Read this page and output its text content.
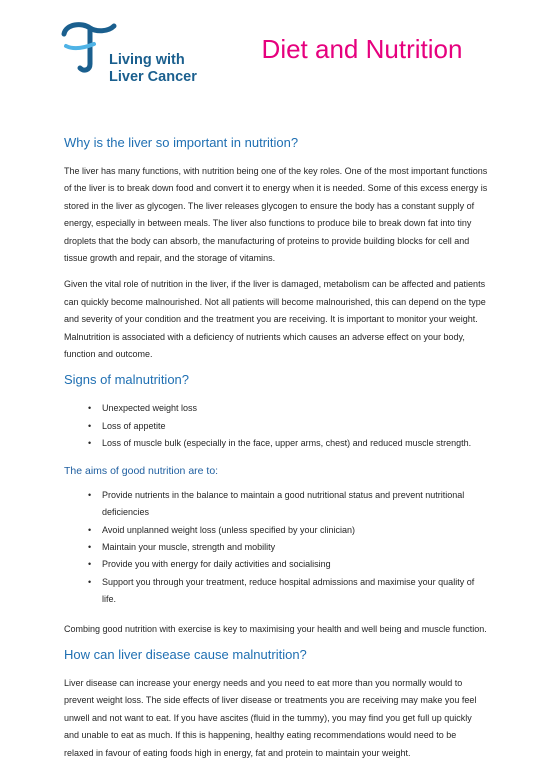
Living with
Liver Cancer
Diet and Nutrition
Why is the liver so important in nutrition?

The liver has many functions, with nutrition being one of the key roles. One of the most important functions of the liver is to break down food and convert it to energy when it is needed. Some of this excess energy is stored in the liver as glycogen. The liver releases glycogen to ensure the body has a constant supply of energy, especially in between meals. The liver also functions to produce bile to break down fat into tiny droplets that the body can absorb, the manufacturing of proteins to provide building blocks for cell and tissue growth and repair, and the storage of vitamins.

Given the vital role of nutrition in the liver, if the liver is damaged, metabolism can be affected and patients can quickly become malnourished. Not all patients will become malnourished, this can depend on the type and severity of your condition and the treatment you are receiving. It is important to monitor your weight. Malnutrition is associated with a deficiency of nutrients which causes an adverse effect on your body, function and outcome.

Signs of malnutrition?
• Unexpected weight loss
• Loss of appetite
• Loss of muscle bulk (especially in the face, upper arms, chest) and reduced muscle strength.
The aims of good nutrition are to:
• Provide nutrients in the balance to maintain a good nutritional status and prevent nutritional deficiencies
• Avoid unplanned weight loss (unless specified by your clinician)
• Maintain your muscle, strength and mobility
• Provide you with energy for daily activities and socialising
• Support you through your treatment, reduce hospital admissions and maximise your quality of life.

Combing good nutrition with exercise is key to maximising your health and well being and muscle function.

How can liver disease cause malnutrition?

Liver disease can increase your energy needs and you need to eat more than you normally would to prevent weight loss. The side effects of liver disease or treatments you are receiving may make you feel unwell and not want to eat. If you have ascites (fluid in the tummy), you may find you get full up quickly and unable to eat as much. If this is happening, healthy eating recommendations would need to be relaxed in favour of eating foods high in energy, fat and protein to maintain your weight.
